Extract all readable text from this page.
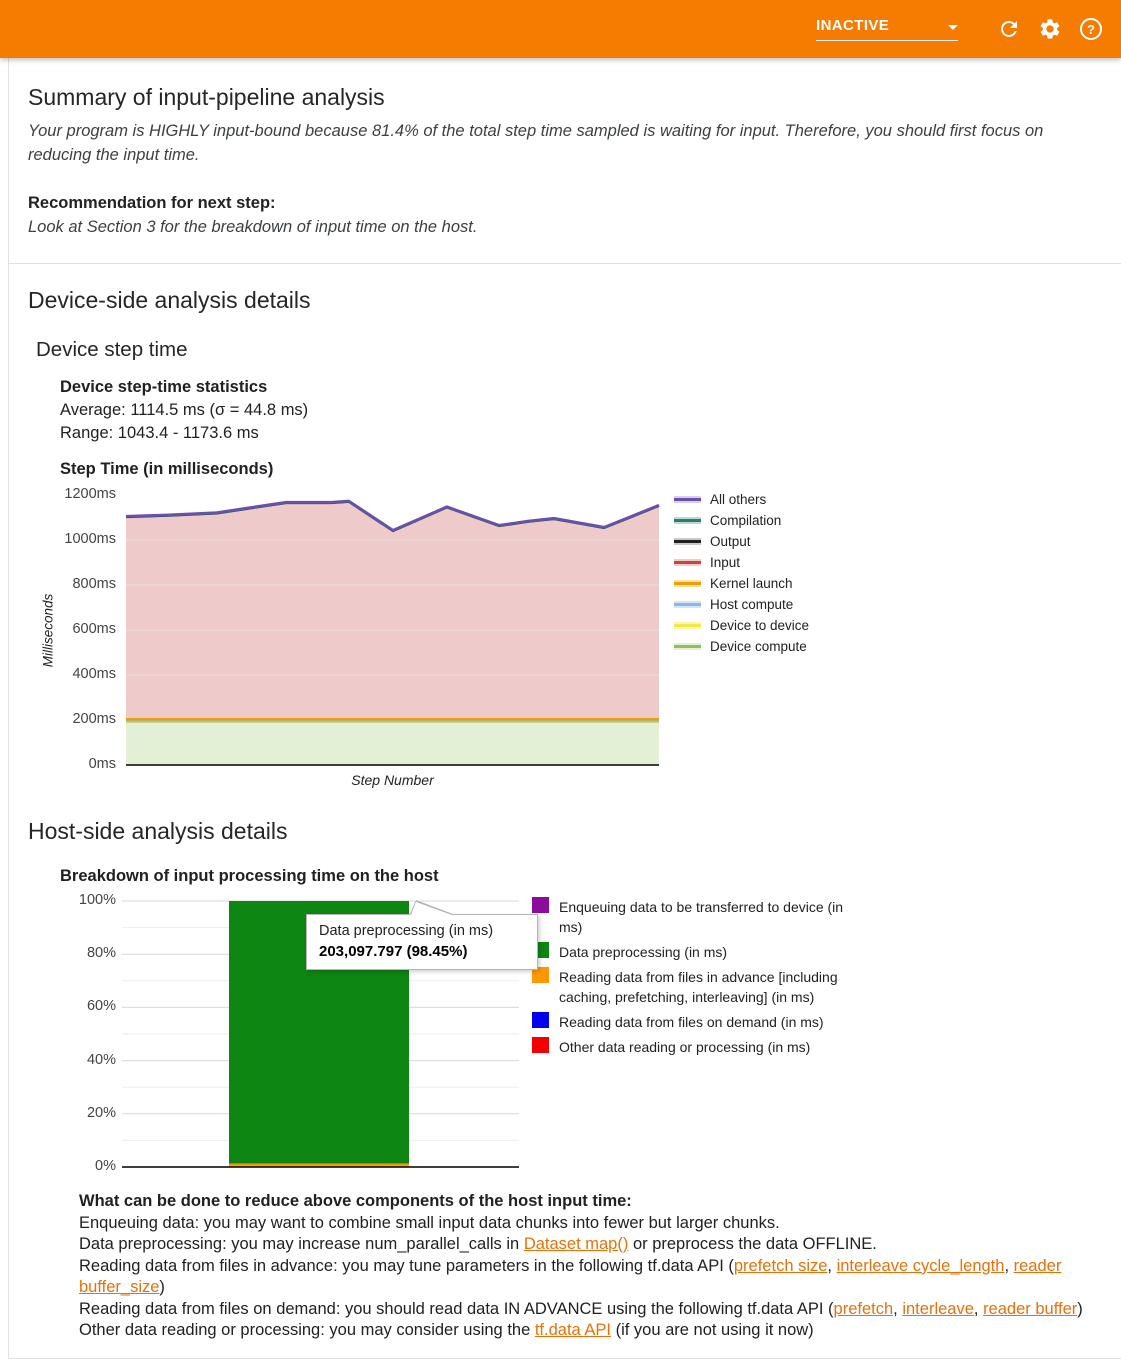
INACTIVE	?
Summary of input-pipeline analysis
Your program is HIGHLY input-bound because 81.4% of the total step time sampled is waiting for input. Therefore, you should first focus on reducing the input time.
Recommendation for next step:
Look at Section 3 for the breakdown of input time on the host.
Device-side analysis details
Device step time
Device step-time statistics
Average: 1114.5 ms (σ = 44.8 ms)
Range: 1043.4 - 1173.6 ms
Step Time (in milliseconds)
0ms
200ms
400ms
600ms
800ms
1000ms
1200ms
Milliseconds
Step Number
All others
Compilation
Output
Input
Kernel launch
Host compute
Device to device
Device compute
Host-side analysis details
Breakdown of input processing time on the host
0%
20%
40%
60%
80%
100%
Data preprocessing (in ms)
203,097.797 (98.45%)
Enqueuing data to be transferred to device (in ms)
Data preprocessing (in ms)
Reading data from files in advance [including caching, prefetching, interleaving] (in ms)
Reading data from files on demand (in ms)
Other data reading or processing (in ms)
What can be done to reduce above components of the host input time:
Enqueuing data: you may want to combine small input data chunks into fewer but larger chunks.
Data preprocessing: you may increase num_parallel_calls in Dataset map() or preprocess the data OFFLINE.
Reading data from files in advance: you may tune parameters in the following tf.data API (prefetch size, interleave cycle_length, reader buffer_size)
Reading data from files on demand: you should read data IN ADVANCE using the following tf.data API (prefetch, interleave, reader buffer)
Other data reading or processing: you may consider using the tf.data API (if you are not using it now)
